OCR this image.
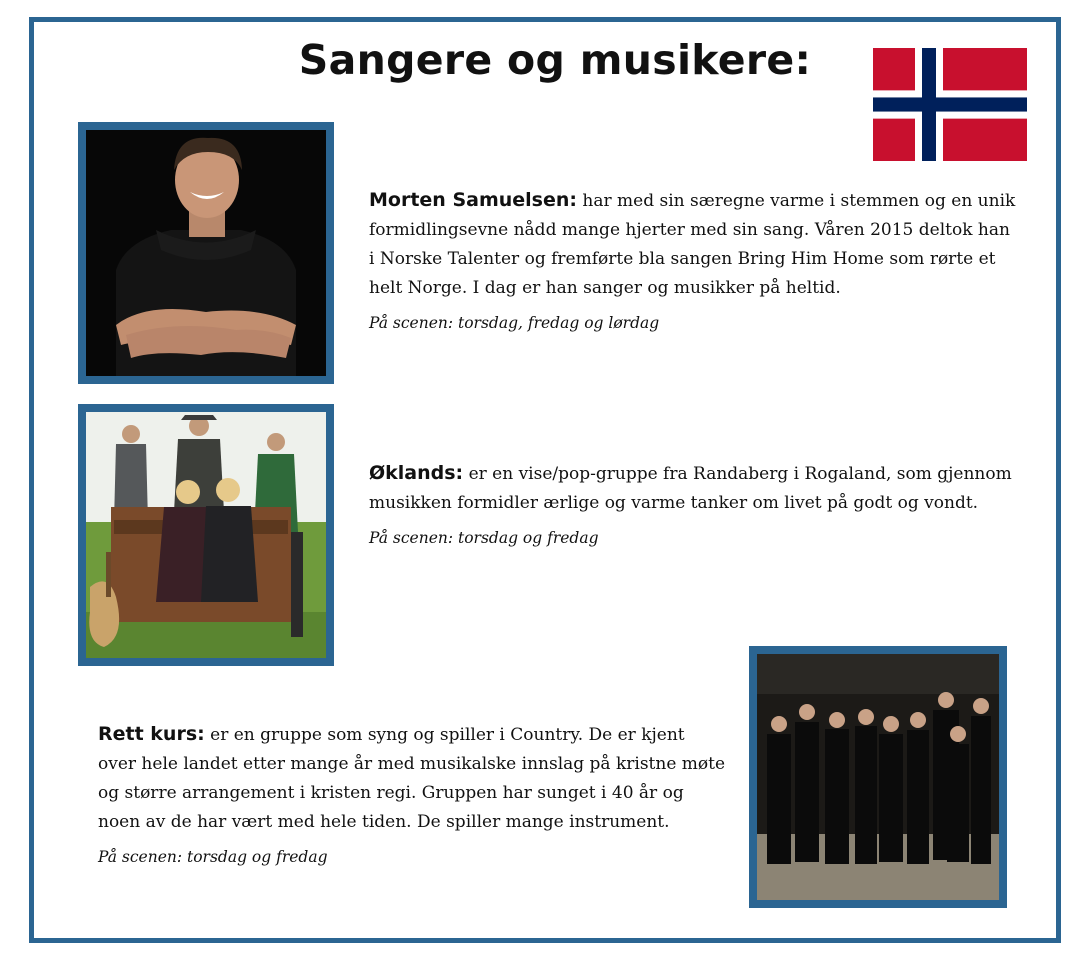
Sangere og musikere:
Morten Samuelsen: har med sin særegne varme i stemmen og en unik formidlingsevne nådd mange hjerter med sin sang. Våren 2015 deltok han i Norske Talenter og fremførte bla sangen Bring Him Home som rørte et helt Norge. I dag er han sanger og musikker på heltid.
På scenen: torsdag, fredag og lørdag
Øklands: er en vise/pop-gruppe fra Randaberg i Rogaland, som gjennom musikken formidler ærlige og varme tanker om livet på godt og vondt.
På scenen: torsdag og fredag
Rett kurs: er en gruppe som syng og spiller i Country. De er kjent over hele landet etter mange år med musikalske innslag på kristne møte og større arrangement i kristen regi. Gruppen har sunget i 40 år og noen av de har vært med hele tiden. De spiller mange instrument.
På scenen: torsdag og fredag
